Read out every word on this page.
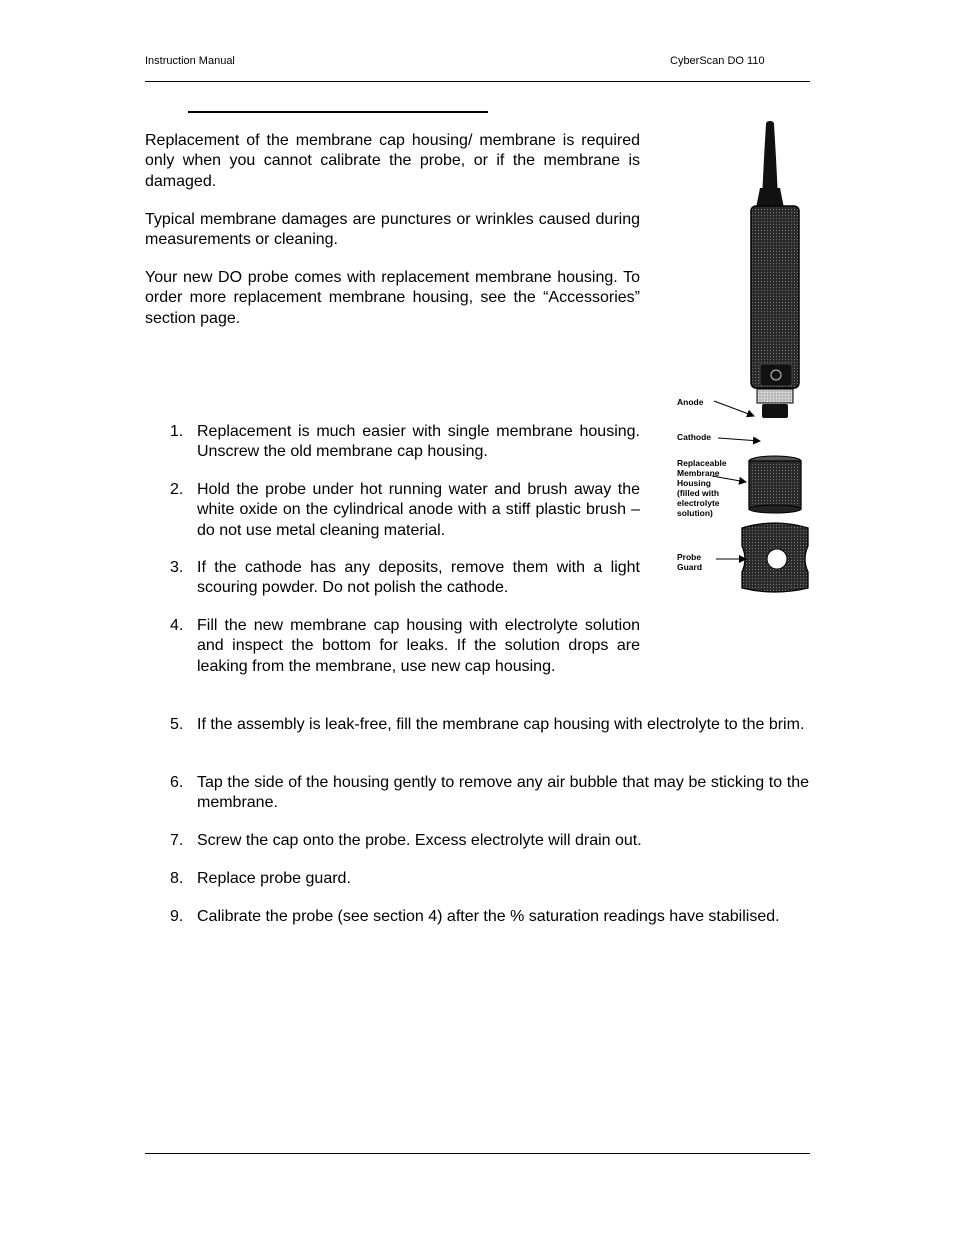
Instruction Manual	CyberScan DO 110

Replacement of the membrane cap housing/ membrane is required only when you cannot calibrate the probe, or if the membrane is damaged.

Typical membrane damages are punctures or wrinkles caused during measurements or cleaning.

Your new DO probe comes with replacement membrane housing. To order more replacement membrane housing, see the “Accessories” section page.

1. Replacement is much easier with single membrane housing. Unscrew the old membrane cap housing.
2. Hold the probe under hot running water and brush away the white oxide on the cylindrical anode with a stiff plastic brush – do not use metal cleaning material.
3. If the cathode has any deposits, remove them with a light scouring powder. Do not polish the cathode.
4. Fill the new membrane cap housing with electrolyte solution and inspect the bottom for leaks. If the solution drops are leaking from the membrane, use new cap housing.
5. If the assembly is leak-free, fill the membrane cap housing with electrolyte to the brim.
6. Tap the side of the housing gently to remove any air bubble that may be sticking to the membrane.
7. Screw the cap onto the probe. Excess electrolyte will drain out.
8. Replace probe guard.
9. Calibrate the probe (see section 4) after the % saturation readings have stabilised.
Anode
Cathode
Replaceable
Membrane
Housing
(filled with
electrolyte
solution)
Probe
Guard
